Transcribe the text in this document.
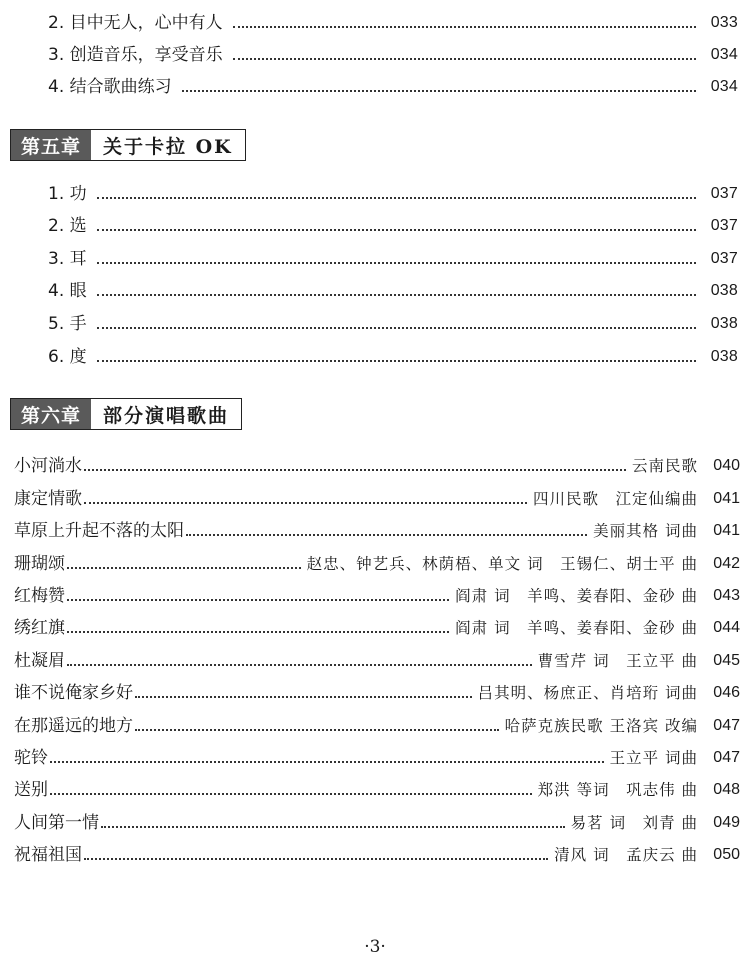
2. 目中无人，心中有人	033
3. 创造音乐，享受音乐	034
4. 结合歌曲练习	034
第五章	关于卡拉 OK
1. 功	037
2. 选	037
3. 耳	037
4. 眼	038
5. 手	038
6. 度	038
第六章	部分演唱歌曲
小河淌水	云南民歌 040
康定情歌	四川民歌　江定仙编曲 041
草原上升起不落的太阳	美丽其格 词曲 041
珊瑚颂	赵忠、钟艺兵、林荫梧、单文 词　王锡仁、胡士平 曲 042
红梅赞	阎肃 词　羊鸣、姜春阳、金砂 曲 043
绣红旗	阎肃 词　羊鸣、姜春阳、金砂 曲 044
杜凝眉	曹雪芹 词　王立平 曲 045
谁不说俺家乡好	吕其明、杨庶正、肖培珩 词曲 046
在那遥远的地方	哈萨克族民歌 王洛宾 改编 047
驼铃	王立平 词曲 047
送别	郑洪 等词　巩志伟 曲 048
人间第一情	易茗 词　刘青 曲 049
祝福祖国	清风 词　孟庆云 曲 050
·3·
